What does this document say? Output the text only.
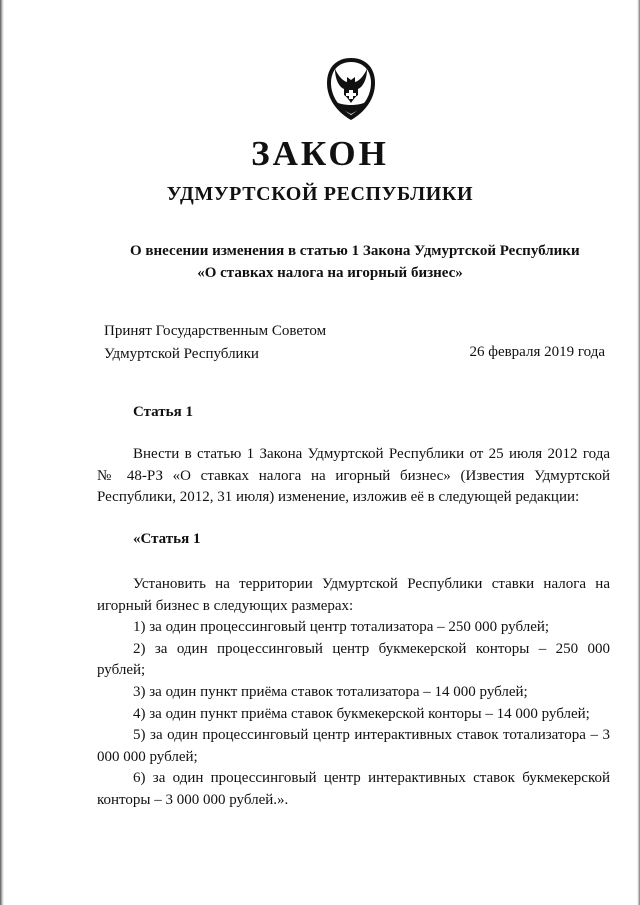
ЗАКОН
УДМУРТСКОЙ РЕСПУБЛИКИ
О внесении изменения в статью 1 Закона Удмуртской Республики
«О ставках налога на игорный бизнес»
Принят Государственным Советом
Удмуртской Республики	26 февраля 2019 года
Статья 1

Внести в статью 1 Закона Удмуртской Республики от 25 июля 2012 года № 48-РЗ «О ставках налога на игорный бизнес» (Известия Удмуртской Республики, 2012, 31 июля) изменение, изложив её в следующей редакции:

«Статья 1

Установить на территории Удмуртской Республики ставки налога на игорный бизнес в следующих размерах:

1) за один процессинговый центр тотализатора – 250 000 рублей;
2) за один процессинговый центр букмекерской конторы – 250 000 рублей;
3) за один пункт приёма ставок тотализатора – 14 000 рублей;
4) за один пункт приёма ставок букмекерской конторы – 14 000 рублей;
5) за один процессинговый центр интерактивных ставок тотализатора – 3 000 000 рублей;
6) за один процессинговый центр интерактивных ставок букмекерской конторы – 3 000 000 рублей.».
